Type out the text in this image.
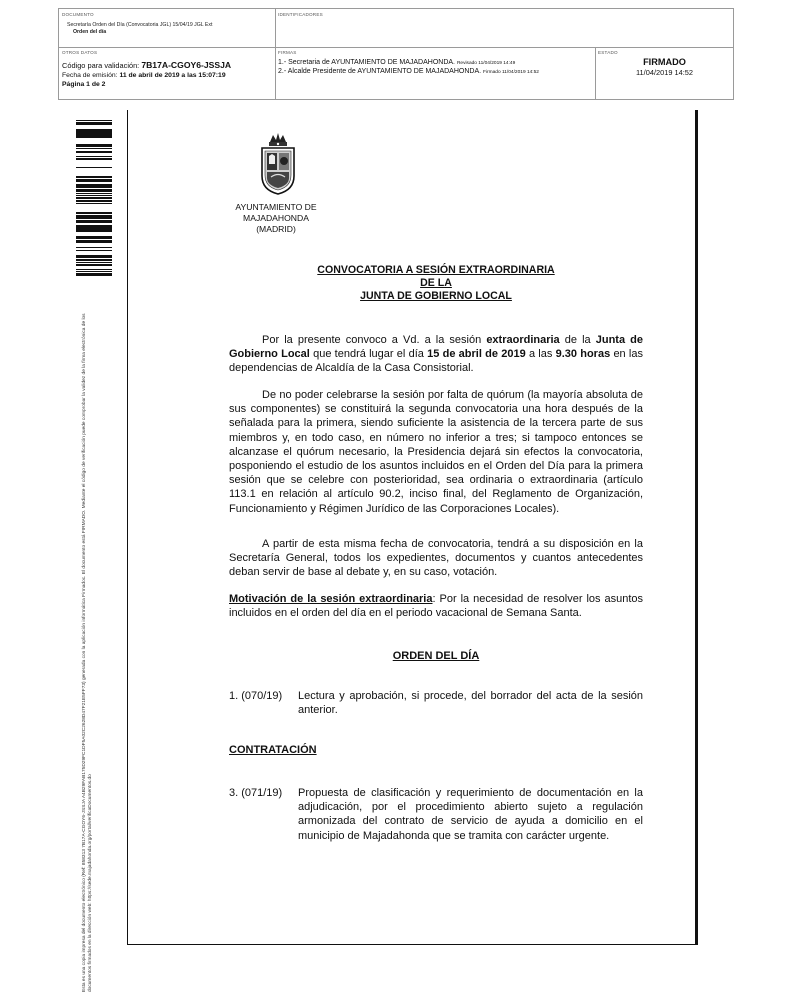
DOCUMENTO
Secretaría Orden del Día (Convocatoria JGL) 15/04/19 JGL Ext
Orden del día
IDENTIFICADORES
OTROS DATOS
Código para validación: 7B17A-CGOY6-JSSJA
Fecha de emisión: 11 de abril de 2019 a las 15:07:19
Página 1 de 2
FIRMAS
1.- Secretaria de AYUNTAMIENTO DE MAJADAHONDA. Revisado 11/04/2019 14:49
2.- Alcalde Presidente de AYUNTAMIENTO DE MAJADAHONDA. Firmado 11/04/2019 14:52
ESTADO
FIRMADO
11/04/2019 14:52
Esta es una copia impresa del documento electrónico (Ref: 858313 7B17A-CGOY6-JSSJA A4B29FAB175D29FC1DF5A02C2628D47F21E5FF73) generada con la aplicación informática Firmadoc. El documento está FIRMADO. Mediante el código de verificación puede comprobar la validez de la firma electrónica de los documentos firmados en la dirección web: https://sede.majadahonda.org/portal/verificaDocumentos.do
AYUNTAMIENTO DE
MAJADAHONDA
(MADRID)
CONVOCATORIA A SESIÓN EXTRAORDINARIA
DE LA
JUNTA DE GOBIERNO LOCAL
Por la presente convoco a Vd. a la sesión extraordinaria de la Junta de Gobierno Local que tendrá lugar el día 15 de abril de 2019 a las 9.30 horas en las dependencias de Alcaldía de la Casa Consistorial.
De no poder celebrarse la sesión por falta de quórum (la mayoría absoluta de sus componentes) se constituirá la segunda convocatoria una hora después de la señalada para la primera, siendo suficiente la asistencia de la tercera parte de sus miembros y, en todo caso, en número no inferior a tres; si tampoco entonces se alcanzase el quórum necesario, la Presidencia dejará sin efectos la convocatoria, posponiendo el estudio de los asuntos incluidos en el Orden del Día para la primera sesión que se celebre con posterioridad, sea ordinaria o extraordinaria (artículo 113.1 en relación al artículo 90.2, inciso final, del Reglamento de Organización, Funcionamiento y Régimen Jurídico de las Corporaciones Locales).
A partir de esta misma fecha de convocatoria, tendrá a su disposición en la Secretaría General, todos los expedientes, documentos y cuantos antecedentes deban servir de base al debate y, en su caso, votación.
Motivación de la sesión extraordinaria: Por la necesidad de resolver los asuntos incluidos en el orden del día en el periodo vacacional de Semana Santa.
ORDEN DEL DÍA
1. (070/19) Lectura y aprobación, si procede, del borrador del acta de la sesión anterior.
CONTRATACIÓN
3. (071/19) Propuesta de clasificación y requerimiento de documentación en la adjudicación, por el procedimiento abierto sujeto a regulación armonizada del contrato de servicio de ayuda a domicilio en el municipio de Majadahonda que se tramita con carácter urgente.
